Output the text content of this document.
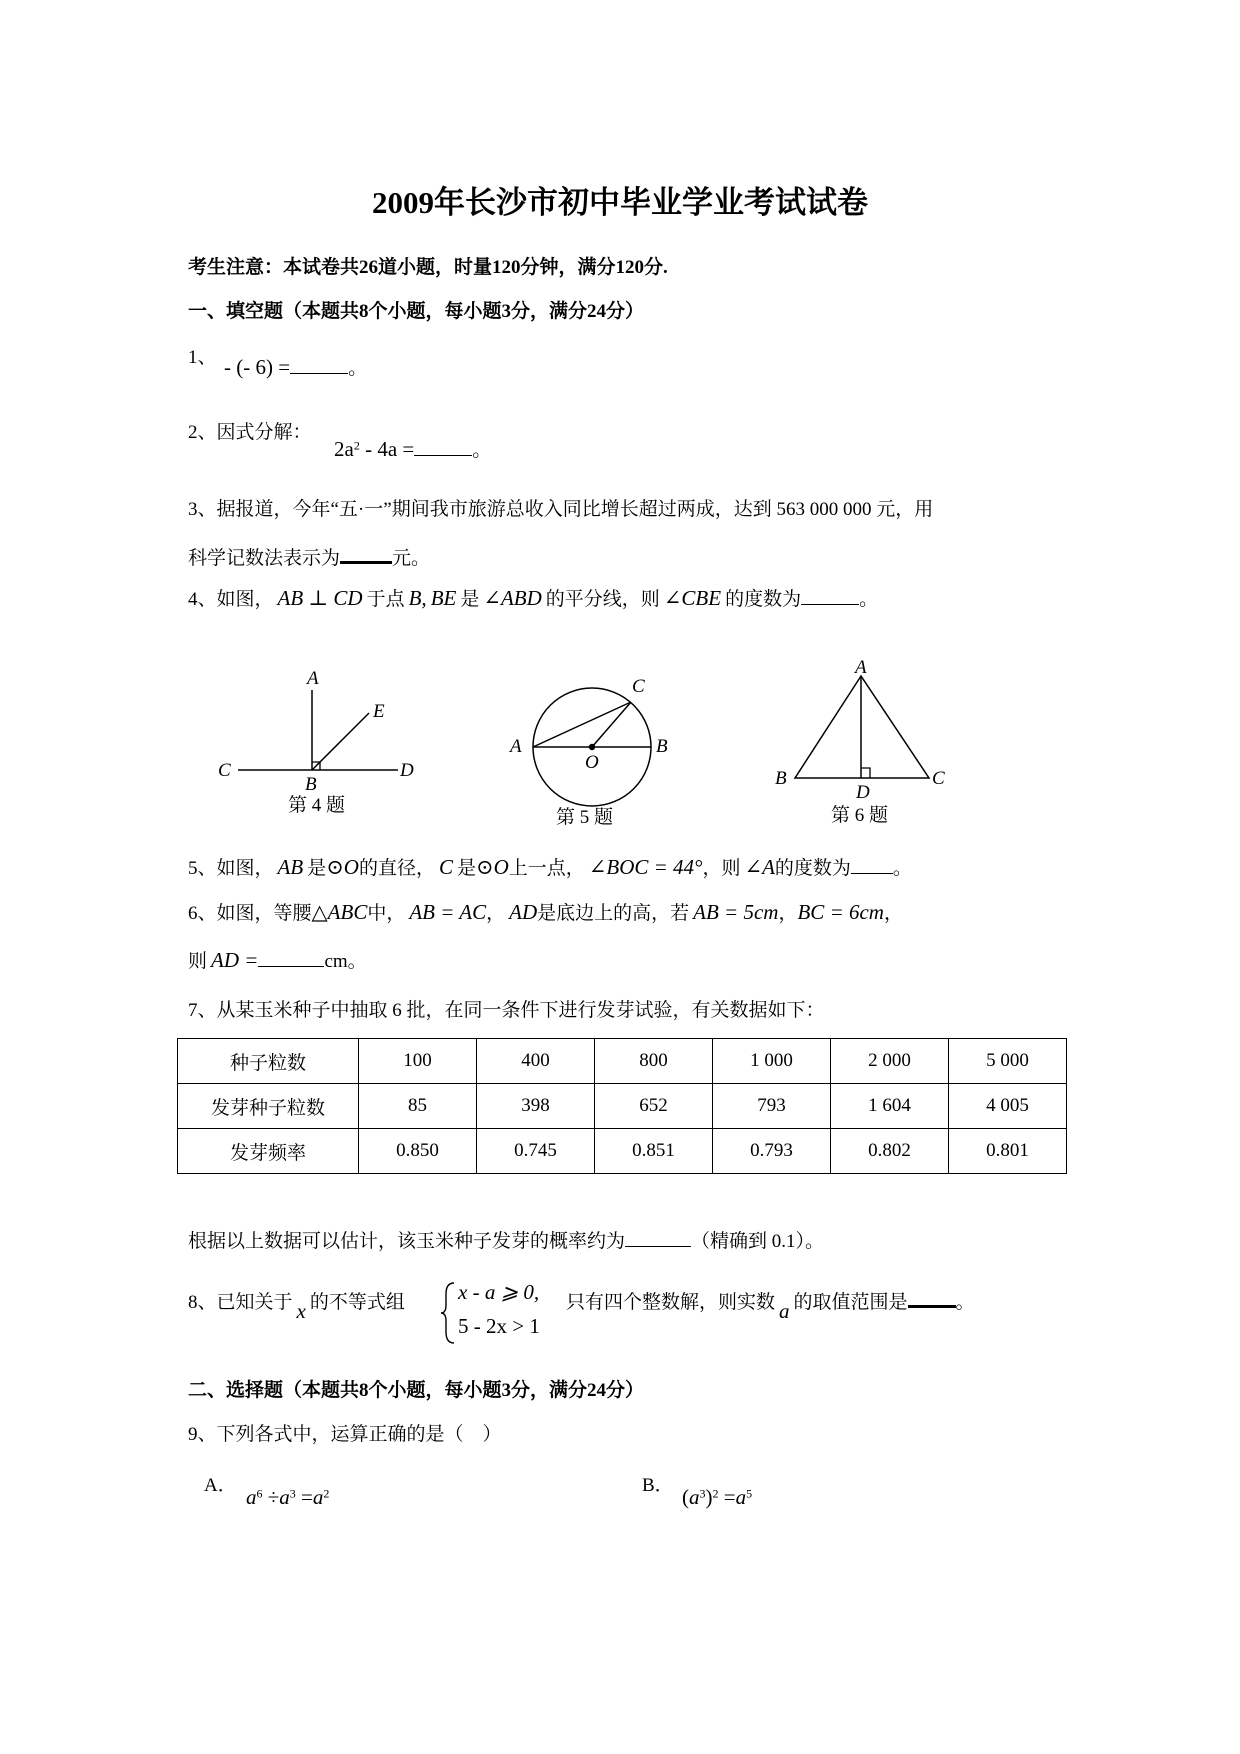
2009年长沙市初中毕业学业考试试卷
考生注意：本试卷共26道小题，时量120分钟，满分120分.
一、填空题（本题共8个小题，每小题3分，满分24分）
1、 - (- 6) =	。
2、因式分解：
$2a^2 - 4a$ =	。
3、据报道，今年“五·一”期间我市旅游总收入同比增长超过两成，达到 563 000 000 元，用
科学记数法表示为	元。
4、如图， AB ⊥ CD 于点 B, BE 是 ∠ABD 的平分线，则 ∠CBE 的度数为	。
A
E
C	D
B
第 4 题
A	B
C
O
第 5 题
A
B	C
D
第 6 题
5、如图， AB 是⊙O的直径， C 是⊙O上一点， ∠BOC = 44°，则 ∠A的度数为 。
6、如图，等腰△ABC中， AB = AC， AD是底边上的高，若 AB = 5cm，BC = 6cm，
则 AD =	cm。
7、从某玉米种子中抽取 6 批，在同一条件下进行发芽试验，有关数据如下：
种子粒数	100	400	800	1 000	2 000	5 000
发芽种子粒数	85	398	652	793	1 604	4 005
发芽频率	0.850	0.745	0.851	0.793	0.802	0.801
根据以上数据可以估计，该玉米种子发芽的概率约为	（精确到 0.1）。
8、已知关于 x 的不等式组	x - a ⩾ 0,
5 - 2x > 1
只有四个整数解，则实数 a 的取值范围是	。
二、选择题（本题共8个小题，每小题3分，满分24分）
9、下列各式中，运算正确的是（　）
A． $a^6 \div a^3 =a^2$	B． $(a^3)^2 =a^5$
